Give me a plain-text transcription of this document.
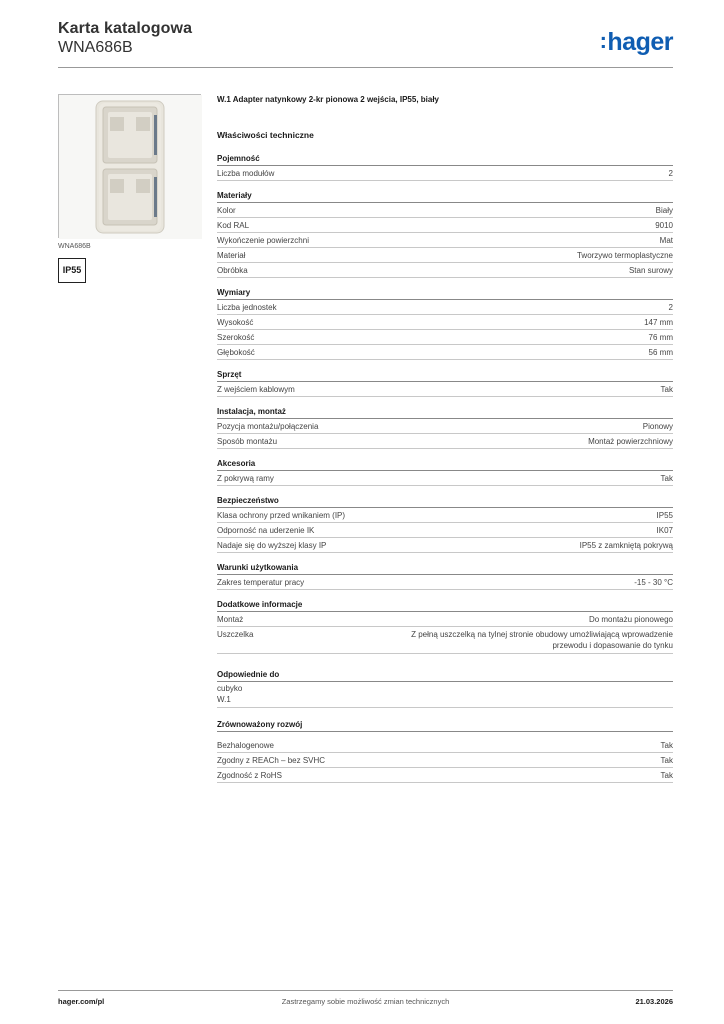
Karta katalogowa
WNA686B	:hager
WNA686B
IP55
W.1 Adapter natynkowy 2-kr pionowa 2 wejścia, IP55, biały
Właściwości techniczne
Pojemność
Liczba modułów	2
Materiały
Kolor	Biały
Kod RAL	9010
Wykończenie powierzchni	Mat
Materiał	Tworzywo termoplastyczne
Obróbka	Stan surowy
Wymiary
Liczba jednostek	2
Wysokość	147 mm
Szerokość	76 mm
Głębokość	56 mm
Sprzęt
Z wejściem kablowym	Tak
Instalacja, montaż
Pozycja montażu/połączenia	Pionowy
Sposób montażu	Montaż powierzchniowy
Akcesoria
Z pokrywą ramy	Tak
Bezpieczeństwo
Klasa ochrony przed wnikaniem (IP)	IP55
Odporność na uderzenie IK	IK07
Nadaje się do wyższej klasy IP	IP55 z zamkniętą pokrywą
Warunki użytkowania
Zakres temperatur pracy	-15 - 30 °C
Dodatkowe informacje
Montaż	Do montażu pionowego
Uszczelka	Z pełną uszczelką na tylnej stronie obudowy umożliwiającą wprowadzenie przewodu i dopasowanie do tynku
Odpowiednie do
cubyko
W.1
Zrównoważony rozwój
Bezhalogenowe	Tak
Zgodny z REACh – bez SVHC	Tak
Zgodność z RoHS	Tak
Zastrzegamy sobie możliwość zmian technicznych
hager.com/pl	21.03.2026
